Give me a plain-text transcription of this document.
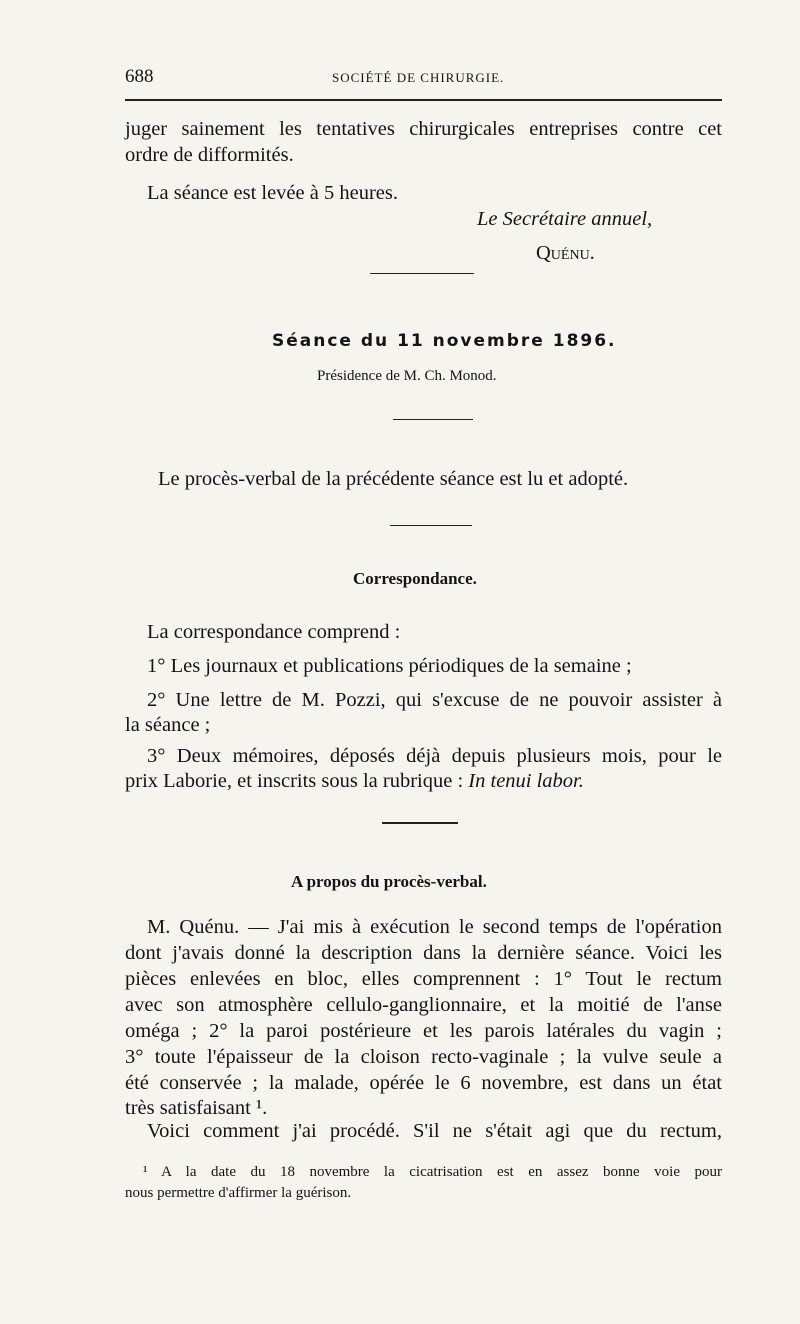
688	SOCIÉTÉ DE CHIRURGIE.
juger sainement les tentatives chirurgicales entreprises contre cet
ordre de difformités.
La séance est levée à 5 heures.
Le Secrétaire annuel,
Quénu.
Séance du 11 novembre 1896.
Présidence de M. Ch. Monod.
Le procès-verbal de la précédente séance est lu et adopté.
Correspondance.
La correspondance comprend :
1° Les journaux et publications périodiques de la semaine ;
2° Une lettre de M. Pozzi, qui s'excuse de ne pouvoir assister à
la séance ;
3° Deux mémoires, déposés déjà depuis plusieurs mois, pour le
prix Laborie, et inscrits sous la rubrique : In tenui labor.
A propos du procès-verbal.
M. Quénu. — J'ai mis à exécution le second temps de l'opération
dont j'avais donné la description dans la dernière séance. Voici les
pièces enlevées en bloc, elles comprennent : 1° Tout le rectum
avec son atmosphère cellulo-ganglionnaire, et la moitié de l'anse
oméga ; 2° la paroi postérieure et les parois latérales du vagin ;
3° toute l'épaisseur de la cloison recto-vaginale ; la vulve seule a
été conservée ; la malade, opérée le 6 novembre, est dans un état
très satisfaisant ¹.
Voici comment j'ai procédé. S'il ne s'était agi que du rectum,
¹ A la date du 18 novembre la cicatrisation est en assez bonne voie pour
nous permettre d'affirmer la guérison.
